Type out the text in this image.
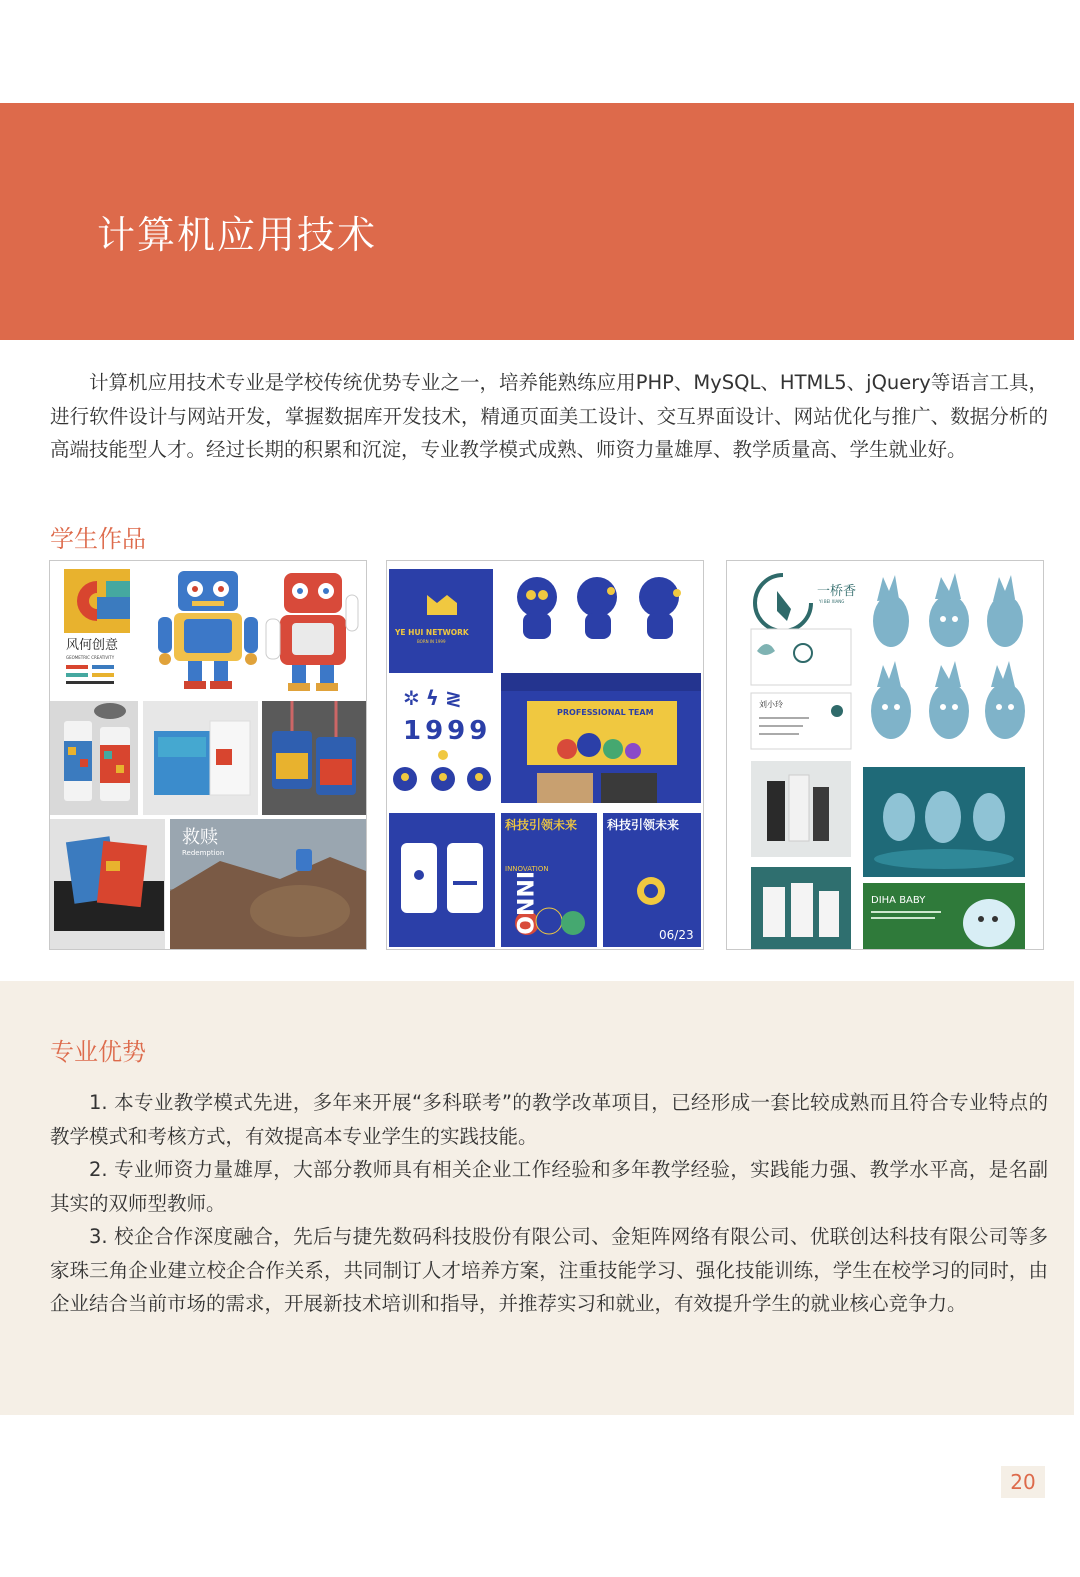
计算机应用技术

计算机应用技术专业是学校传统优势专业之一，培养能熟练应用PHP、MySQL、HTML5、jQuery等语言工具，进行软件设计与网站开发，掌握数据库开发技术，精通页面美工设计、交互界面设计、网站优化与推广、数据分析的高端技能型人才。经过长期的积累和沉淀，专业教学模式成熟、师资力量雄厚、教学质量高、学生就业好。

学生作品
风何创意
GEOMETRIC CREATIVITY
救赎
Redemption
YE HUI NETWORK
BORN IN 1999
✲ϟ≷
1999
PROFESSIONAL TEAM
科技引领未来
INNOVATION
INNO
科技引领未来
06/23
一桥香
YI BEI XIANG
刘小玲
DIHA BABY
专业优势

1. 本专业教学模式先进，多年来开展“多科联考”的教学改革项目，已经形成一套比较成熟而且符合专业特点的教学模式和考核方式，有效提高本专业学生的实践技能。

2. 专业师资力量雄厚，大部分教师具有相关企业工作经验和多年教学经验，实践能力强、教学水平高，是名副其实的双师型教师。

3. 校企合作深度融合，先后与捷先数码科技股份有限公司、金矩阵网络有限公司、优联创达科技有限公司等多家珠三角企业建立校企合作关系，共同制订人才培养方案，注重技能学习、强化技能训练，学生在校学习的同时，由企业结合当前市场的需求，开展新技术培训和指导，并推荐实习和就业，有效提升学生的就业核心竞争力。

20
